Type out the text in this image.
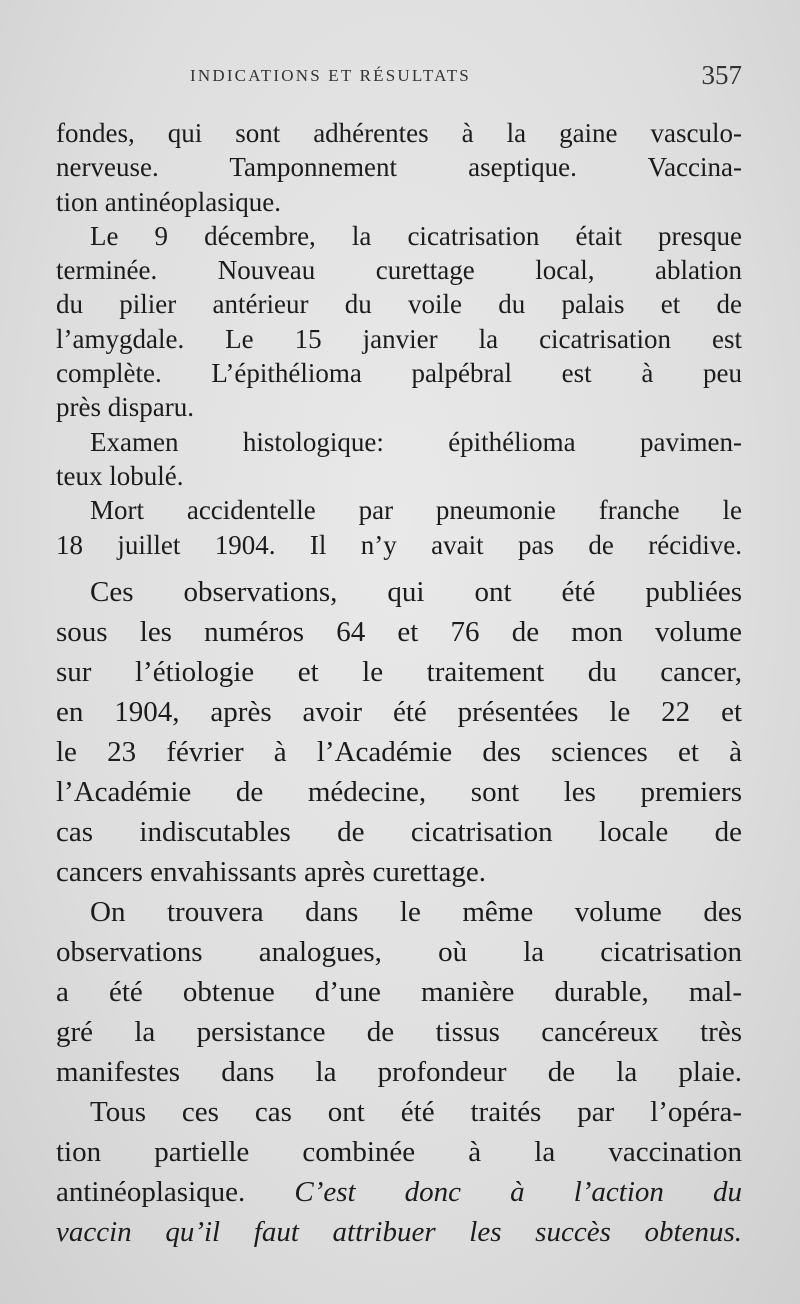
INDICATIONS ET RÉSULTATS	357
fondes, qui sont adhérentes à la gaine vasculo-
nerveuse. Tamponnement aseptique. Vaccina-
tion antinéoplasique.
Le 9 décembre, la cicatrisation était presque
terminée. Nouveau curettage local, ablation
du pilier antérieur du voile du palais et de
l’amygdale. Le 15 janvier la cicatrisation est
complète. L’épithélioma palpébral est à peu
près disparu.
Examen histologique: épithélioma pavimen-
teux lobulé.
Mort accidentelle par pneumonie franche le
18 juillet 1904. Il n’y avait pas de récidive.
Ces observations, qui ont été publiées
sous les numéros 64 et 76 de mon volume
sur l’étiologie et le traitement du cancer,
en 1904, après avoir été présentées le 22 et
le 23 février à l’Académie des sciences et à
l’Académie de médecine, sont les premiers
cas indiscutables de cicatrisation locale de
cancers envahissants après curettage.
On trouvera dans le même volume des
observations analogues, où la cicatrisation
a été obtenue d’une manière durable, mal-
gré la persistance de tissus cancéreux très
manifestes dans la profondeur de la plaie.
Tous ces cas ont été traités par l’opéra-
tion partielle combinée à la vaccination
antinéoplasique. C’est donc à l’action du
vaccin qu’il faut attribuer les succès obtenus.
